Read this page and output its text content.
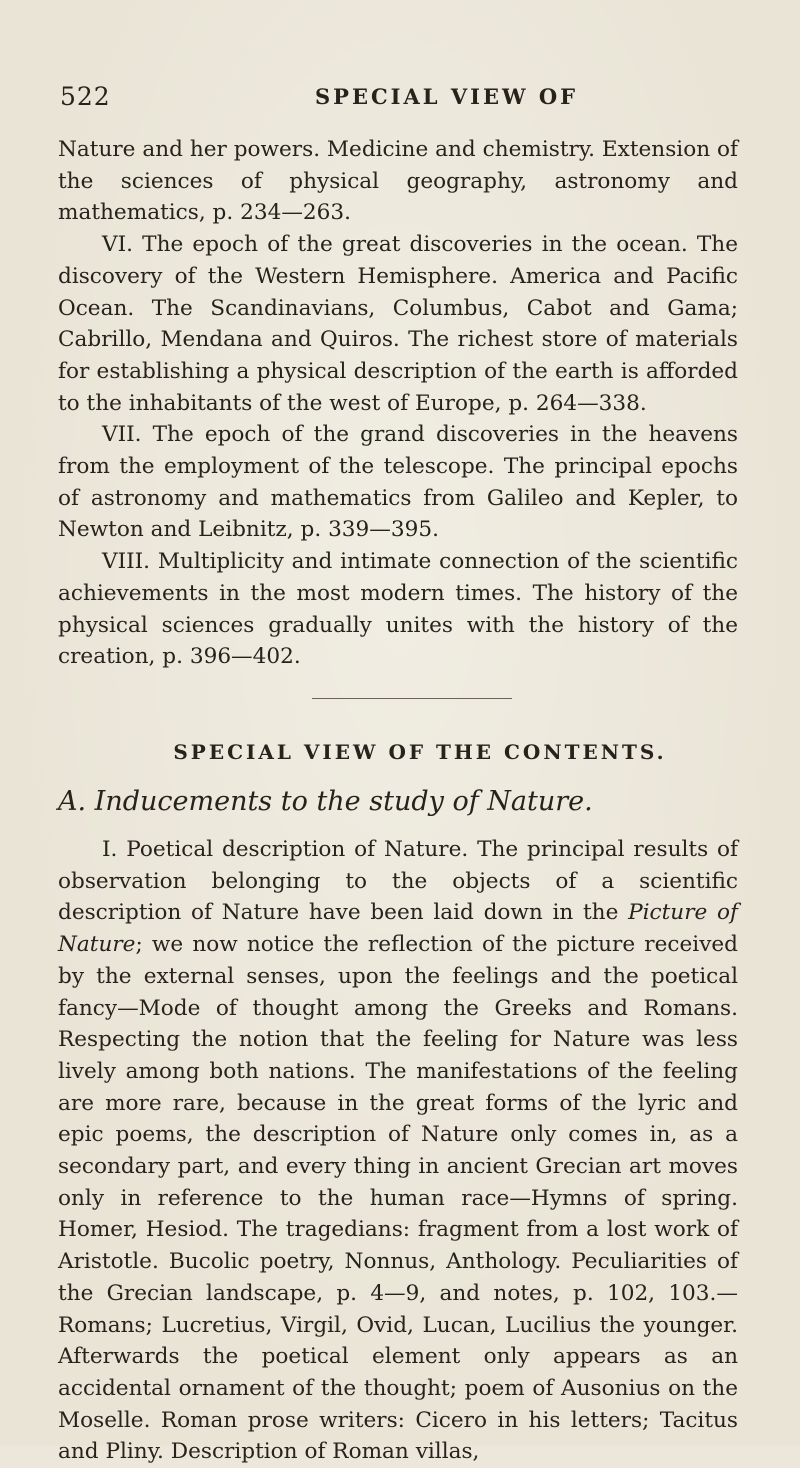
522	SPECIAL VIEW OF

Nature and her powers. Medicine and chemistry. Extension of the sciences of physical geography, astronomy and mathematics, p. 234—263.

VI. The epoch of the great discoveries in the ocean. The discovery of the Western Hemisphere. America and Pacific Ocean. The Scandinavians, Columbus, Cabot and Gama; Cabrillo, Mendana and Quiros. The richest store of materials for establishing a physical description of the earth is afforded to the inhabitants of the west of Europe, p. 264—338.

VII. The epoch of the grand discoveries in the heavens from the employment of the telescope. The principal epochs of astronomy and mathematics from Galileo and Kepler, to Newton and Leibnitz, p. 339—395.

VIII. Multiplicity and intimate connection of the scientific achievements in the most modern times. The history of the physical sciences gradually unites with the history of the creation, p. 396—402.

SPECIAL VIEW OF THE CONTENTS.
A. Inducements to the study of Nature.

I. Poetical description of Nature. The principal results of observation belonging to the objects of a scientific description of Nature have been laid down in the Picture of Nature; we now notice the reflection of the picture received by the external senses, upon the feelings and the poetical fancy—Mode of thought among the Greeks and Romans. Respecting the notion that the feeling for Nature was less lively among both nations. The manifestations of the feeling are more rare, because in the great forms of the lyric and epic poems, the description of Nature only comes in, as a secondary part, and every thing in ancient Grecian art moves only in reference to the human race—Hymns of spring. Homer, Hesiod. The tragedians: fragment from a lost work of Aristotle. Bucolic poetry, Nonnus, Anthology. Peculiarities of the Grecian landscape, p. 4—9, and notes, p. 102, 103.—Romans; Lucretius, Virgil, Ovid, Lucan, Lucilius the younger. Afterwards the poetical element only appears as an accidental ornament of the thought; poem of Ausonius on the Moselle. Roman prose writers: Cicero in his letters; Tacitus and Pliny. Description of Roman villas,
